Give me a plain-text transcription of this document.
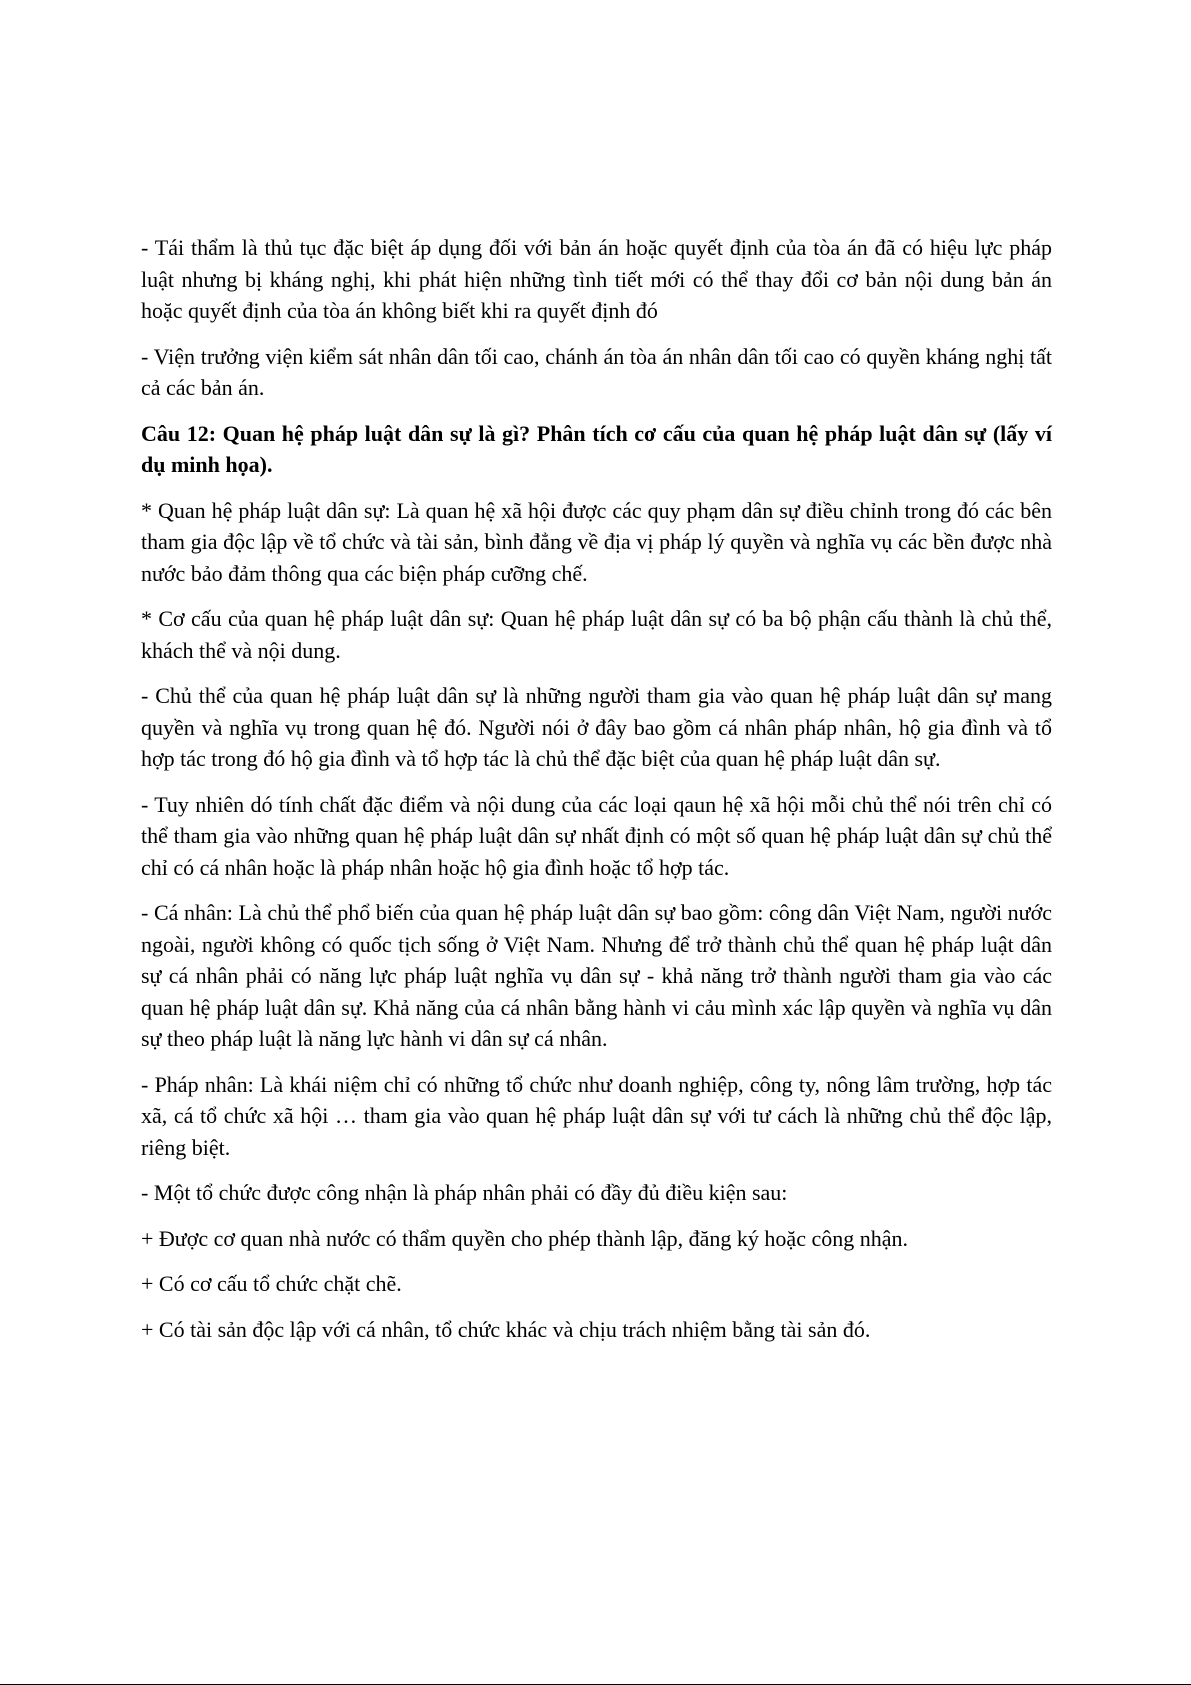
- Tái thẩm là thủ tục đặc biệt áp dụng đối với bản án hoặc quyết định của tòa án đã có hiệu lực pháp luật nhưng bị kháng nghị, khi phát hiện những tình tiết mới có thể thay đổi cơ bản nội dung bản án hoặc quyết định của tòa án không biết khi ra quyết định đó

- Viện trưởng viện kiểm sát nhân dân tối cao, chánh án tòa án nhân dân tối cao có quyền kháng nghị tất cả các bản án.

Câu 12: Quan hệ pháp luật dân sự là gì? Phân tích cơ cấu của quan hệ pháp luật dân sự (lấy ví dụ minh họa).

* Quan hệ pháp luật dân sự: Là quan hệ xã hội được các quy phạm dân sự điều chỉnh trong đó các bên tham gia độc lập về tổ chức và tài sản, bình đẳng về địa vị pháp lý quyền và nghĩa vụ các bền được nhà nước bảo đảm thông qua các biện pháp cưỡng chế.

* Cơ cấu của quan hệ pháp luật dân sự: Quan hệ pháp luật dân sự có ba bộ phận cấu thành là chủ thể, khách thể và nội dung.

- Chủ thể của quan hệ pháp luật dân sự là những người tham gia vào quan hệ pháp luật dân sự mang quyền và nghĩa vụ trong quan hệ đó. Người nói ở đây bao gồm cá nhân pháp nhân, hộ gia đình và tổ hợp tác trong đó hộ gia đình và tổ hợp tác là chủ thể đặc biệt của quan hệ pháp luật dân sự.

- Tuy nhiên dó tính chất đặc điểm và nội dung của các loại qaun hệ xã hội mỗi chủ thể nói trên chỉ có thể tham gia vào những quan hệ pháp luật dân sự nhất định có một số quan hệ pháp luật dân sự chủ thể chỉ có cá nhân hoặc là pháp nhân hoặc hộ gia đình hoặc tổ hợp tác.

- Cá nhân: Là chủ thể phổ biến của quan hệ pháp luật dân sự bao gồm: công dân Việt Nam, người nước ngoài, người không có quốc tịch sống ở Việt Nam. Nhưng để trở thành chủ thể quan hệ pháp luật dân sự cá nhân phải có năng lực pháp luật nghĩa vụ dân sự - khả năng trở thành người tham gia vào các quan hệ pháp luật dân sự. Khả năng của cá nhân bằng hành vi cảu mình xác lập quyền và nghĩa vụ dân sự theo pháp luật là năng lực hành vi dân sự cá nhân.

- Pháp nhân: Là khái niệm chỉ có những tổ chức như doanh nghiệp, công ty, nông lâm trường, hợp tác xã, cá tổ chức xã hội … tham gia vào quan hệ pháp luật dân sự với tư cách là những chủ thể độc lập, riêng biệt.

- Một tổ chức được công nhận là pháp nhân phải có đầy đủ điều kiện sau:

+ Được cơ quan nhà nước có thẩm quyền cho phép thành lập, đăng ký hoặc công nhận.

+ Có cơ cấu tổ chức chặt chẽ.

+ Có tài sản độc lập với cá nhân, tổ chức khác và chịu trách nhiệm bằng tài sản đó.
